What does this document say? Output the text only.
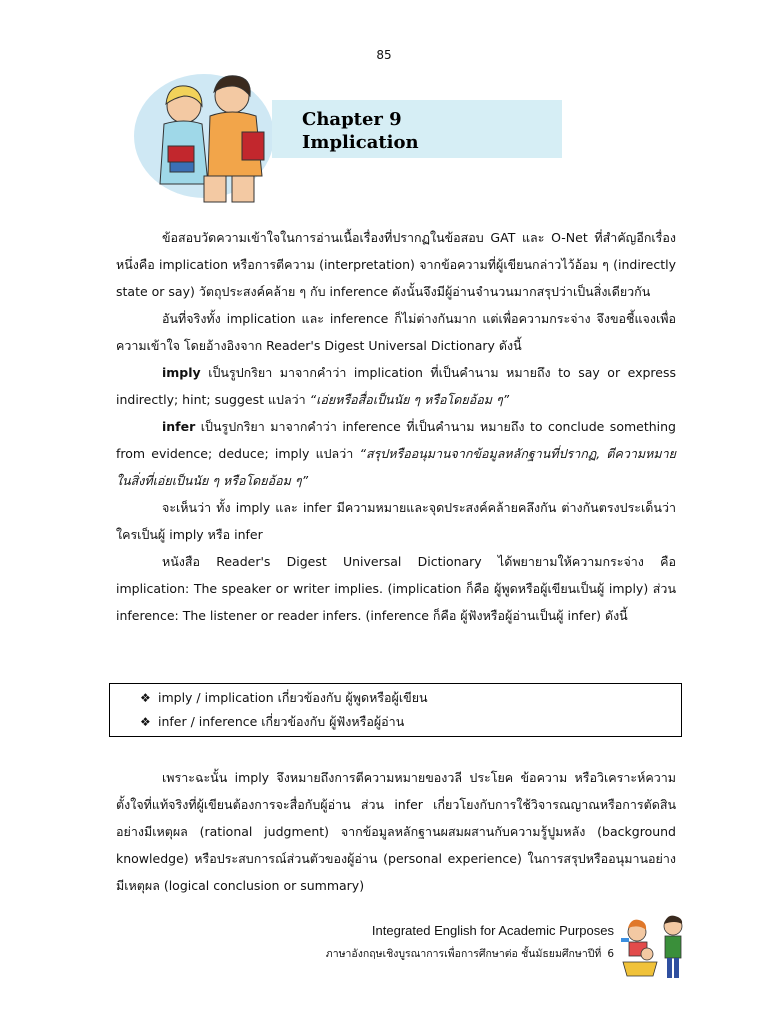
85
Chapter 9
Implication

ข้อสอบวัดความเข้าใจในการอ่านเนื้อเรื่องที่ปรากฏในข้อสอบ GAT และ O-Net ที่สำคัญอีกเรื่องหนึ่งคือ implication หรือการตีความ (interpretation) จากข้อความที่ผู้เขียนกล่าวไว้อ้อม ๆ (indirectly state or say) วัตถุประสงค์คล้าย ๆ กับ inference ดังนั้นจึงมีผู้อ่านจำนวนมากสรุปว่าเป็นสิ่งเดียวกัน

อันที่จริงทั้ง implication และ inference ก็ไม่ต่างกันมาก แต่เพื่อความกระจ่าง จึงขอชี้แจงเพื่อความเข้าใจ โดยอ้างอิงจาก Reader's Digest Universal Dictionary ดังนี้

imply เป็นรูปกริยา มาจากคำว่า implication ที่เป็นคำนาม หมายถึง to say or express indirectly; hint; suggest แปลว่า “เอ่ยหรือสื่อเป็นนัย ๆ หรือโดยอ้อม ๆ”

infer เป็นรูปกริยา มาจากคำว่า inference ที่เป็นคำนาม หมายถึง to conclude something from evidence; deduce; imply แปลว่า “สรุปหรืออนุมานจากข้อมูลหลักฐานที่ปรากฏ, ตีความหมายในสิ่งที่เอ่ยเป็นนัย ๆ หรือโดยอ้อม ๆ”

จะเห็นว่า ทั้ง imply และ infer มีความหมายและจุดประสงค์คล้ายคลึงกัน ต่างกันตรงประเด็นว่าใครเป็นผู้ imply หรือ infer

หนังสือ Reader's Digest Universal Dictionary ได้พยายามให้ความกระจ่าง คือ implication: The speaker or writer implies. (implication ก็คือ ผู้พูดหรือผู้เขียนเป็นผู้ imply) ส่วน inference: The listener or reader infers. (inference ก็คือ ผู้ฟังหรือผู้อ่านเป็นผู้ infer) ดังนี้

❖ imply / implication เกี่ยวข้องกับ ผู้พูดหรือผู้เขียน
❖ infer / inference เกี่ยวข้องกับ ผู้ฟังหรือผู้อ่าน

เพราะฉะนั้น imply จึงหมายถึงการตีความหมายของวลี ประโยค ข้อความ หรือวิเคราะห์ความตั้งใจที่แท้จริงที่ผู้เขียนต้องการจะสื่อกับผู้อ่าน ส่วน infer เกี่ยวโยงกับการใช้วิจารณญาณหรือการตัดสินอย่างมีเหตุผล (rational judgment) จากข้อมูลหลักฐานผสมผสานกับความรู้ปูมหลัง (background knowledge) หรือประสบการณ์ส่วนตัวของผู้อ่าน (personal experience) ในการสรุปหรืออนุมานอย่างมีเหตุผล (logical conclusion or summary)

Integrated English for Academic Purposes
ภาษาอังกฤษเชิงบูรณาการเพื่อการศึกษาต่อ ชั้นมัธยมศึกษาปีที่ 6
